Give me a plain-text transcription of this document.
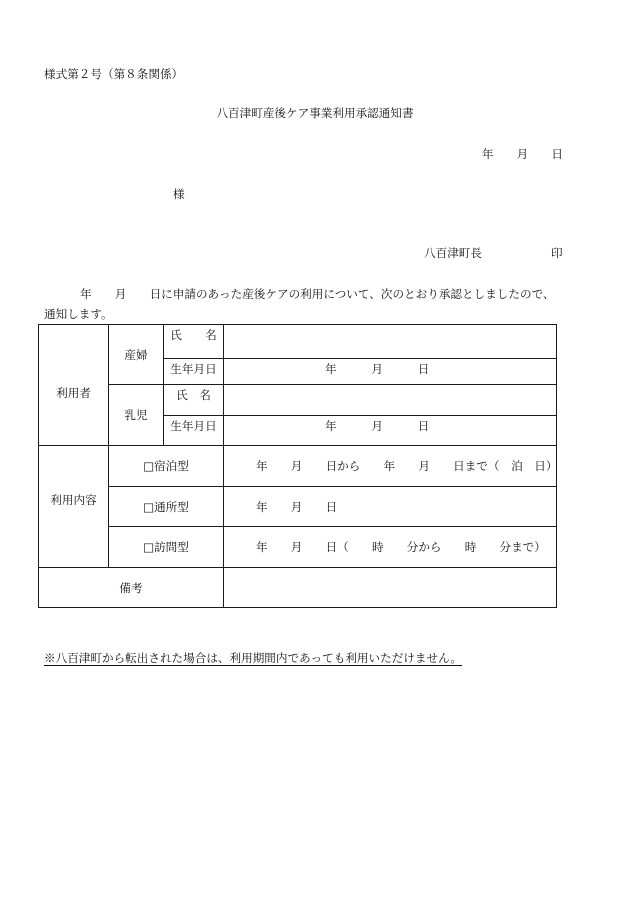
様式第２号（第８条関係）
八百津町産後ケア事業利用承認通知書
年　　月　　日
様
八百津町長	印
年　　月　　日に申請のあった産後ケアの利用について、次のとおり承認としましたので、
通知します。
利用者	産婦	氏　　名	
		生年月日	年　　　月　　　日
	乳児	氏　名	
		生年月日	年　　　月　　　日
利用内容	□宿泊型		年　　月　　日から　　年　　月　　日まで（　泊　日）
	□通所型		年　　月　　日
	□訪問型		年　　月　　日（　　時　　分から　　時　　分まで）
備考			
※八百津町から転出された場合は、利用期間内であっても利用いただけません。
